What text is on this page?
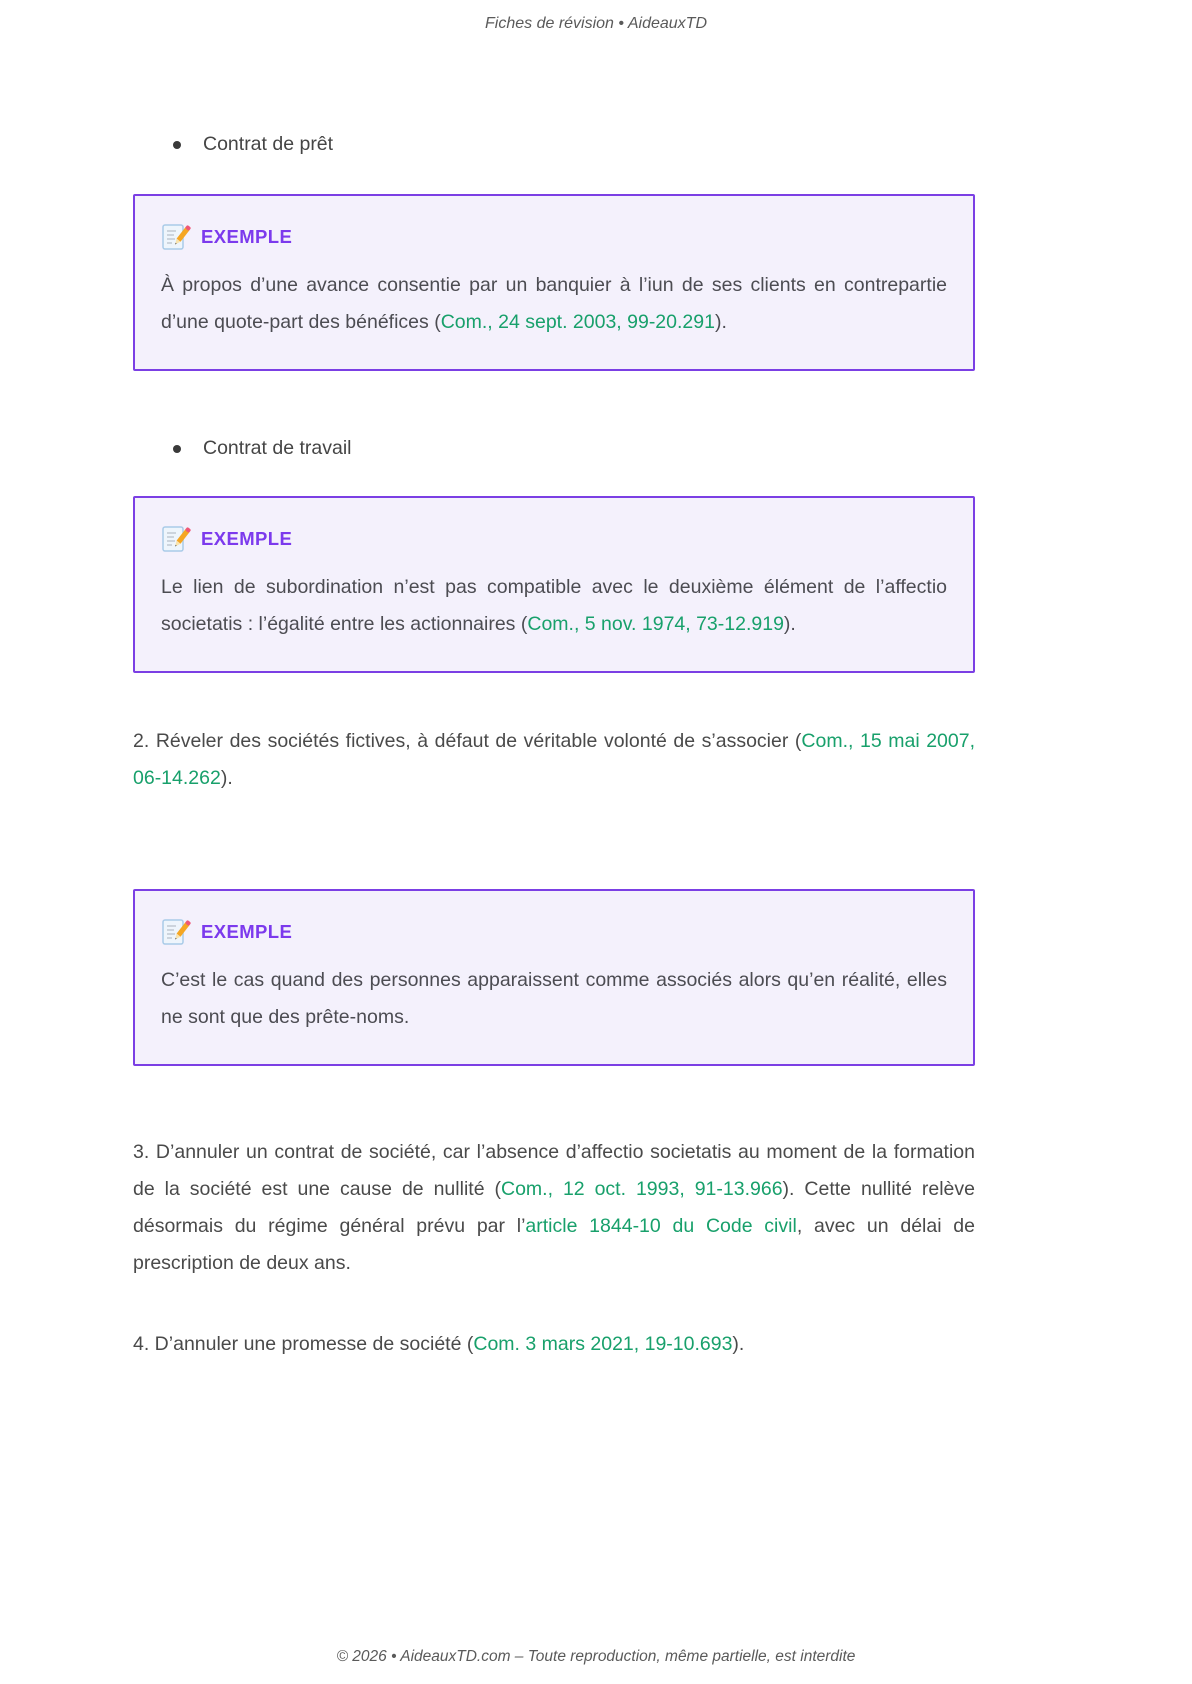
Fiches de révision • AideauxTD
Contrat de prêt
EXEMPLE

À propos d’une avance consentie par un banquier à l’iun de ses clients en contrepartie d’une quote-part des bénéfices (Com., 24 sept. 2003, 99-20.291).

Contrat de travail
EXEMPLE

Le lien de subordination n’est pas compatible avec le deuxième élément de l’affectio societatis : l’égalité entre les actionnaires (Com., 5 nov. 1974, 73-12.919).

2. Réveler des sociétés fictives, à défaut de véritable volonté de s’associer (Com., 15 mai 2007, 06-14.262).

EXEMPLE

C’est le cas quand des personnes apparaissent comme associés alors qu’en réalité, elles ne sont que des prête-noms.

3. D’annuler un contrat de société, car l’absence d’affectio societatis au moment de la formation de la société est une cause de nullité (Com., 12 oct. 1993, 91-13.966). Cette nullité relève désormais du régime général prévu par l’article 1844-10 du Code civil, avec un délai de prescription de deux ans.

4. D’annuler une promesse de société (Com. 3 mars 2021, 19-10.693).

© 2026 • AideauxTD.com – Toute reproduction, même partielle, est interdite
